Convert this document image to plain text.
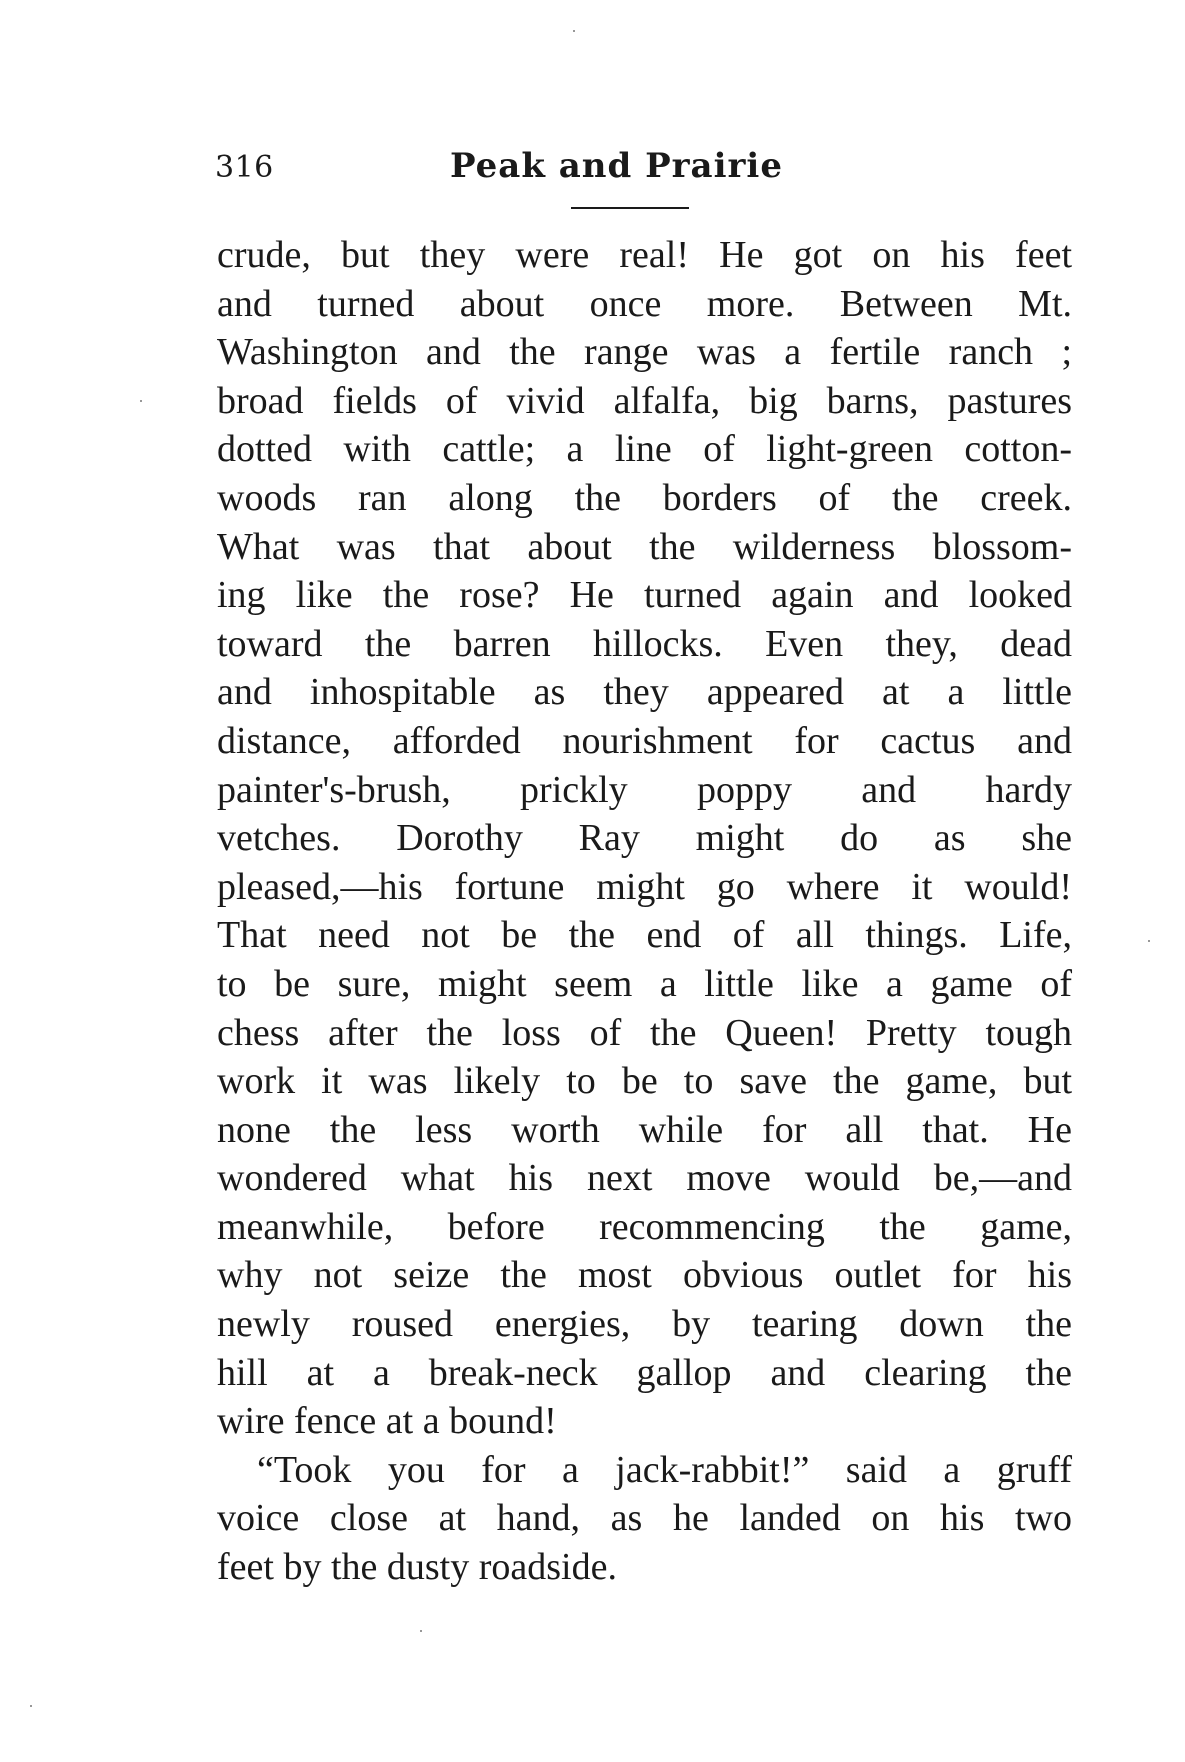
316	Peak and Prairie
crude, but they were real! He got on his feet
and turned about once more. Between Mt.
Washington and the range was a fertile ranch ;
broad fields of vivid alfalfa, big barns, pastures
dotted with cattle; a line of light-green cotton-
woods ran along the borders of the creek.
What was that about the wilderness blossom-
ing like the rose? He turned again and looked
toward the barren hillocks. Even they, dead
and inhospitable as they appeared at a little
distance, afforded nourishment for cactus and
painter's-brush, prickly poppy and hardy
vetches. Dorothy Ray might do as she
pleased,—his fortune might go where it would!
That need not be the end of all things. Life,
to be sure, might seem a little like a game of
chess after the loss of the Queen! Pretty tough
work it was likely to be to save the game, but
none the less worth while for all that. He
wondered what his next move would be,—and
meanwhile, before recommencing the game,
why not seize the most obvious outlet for his
newly roused energies, by tearing down the
hill at a break-neck gallop and clearing the
wire fence at a bound!
“Took you for a jack-rabbit!” said a gruff
voice close at hand, as he landed on his two
feet by the dusty roadside.
